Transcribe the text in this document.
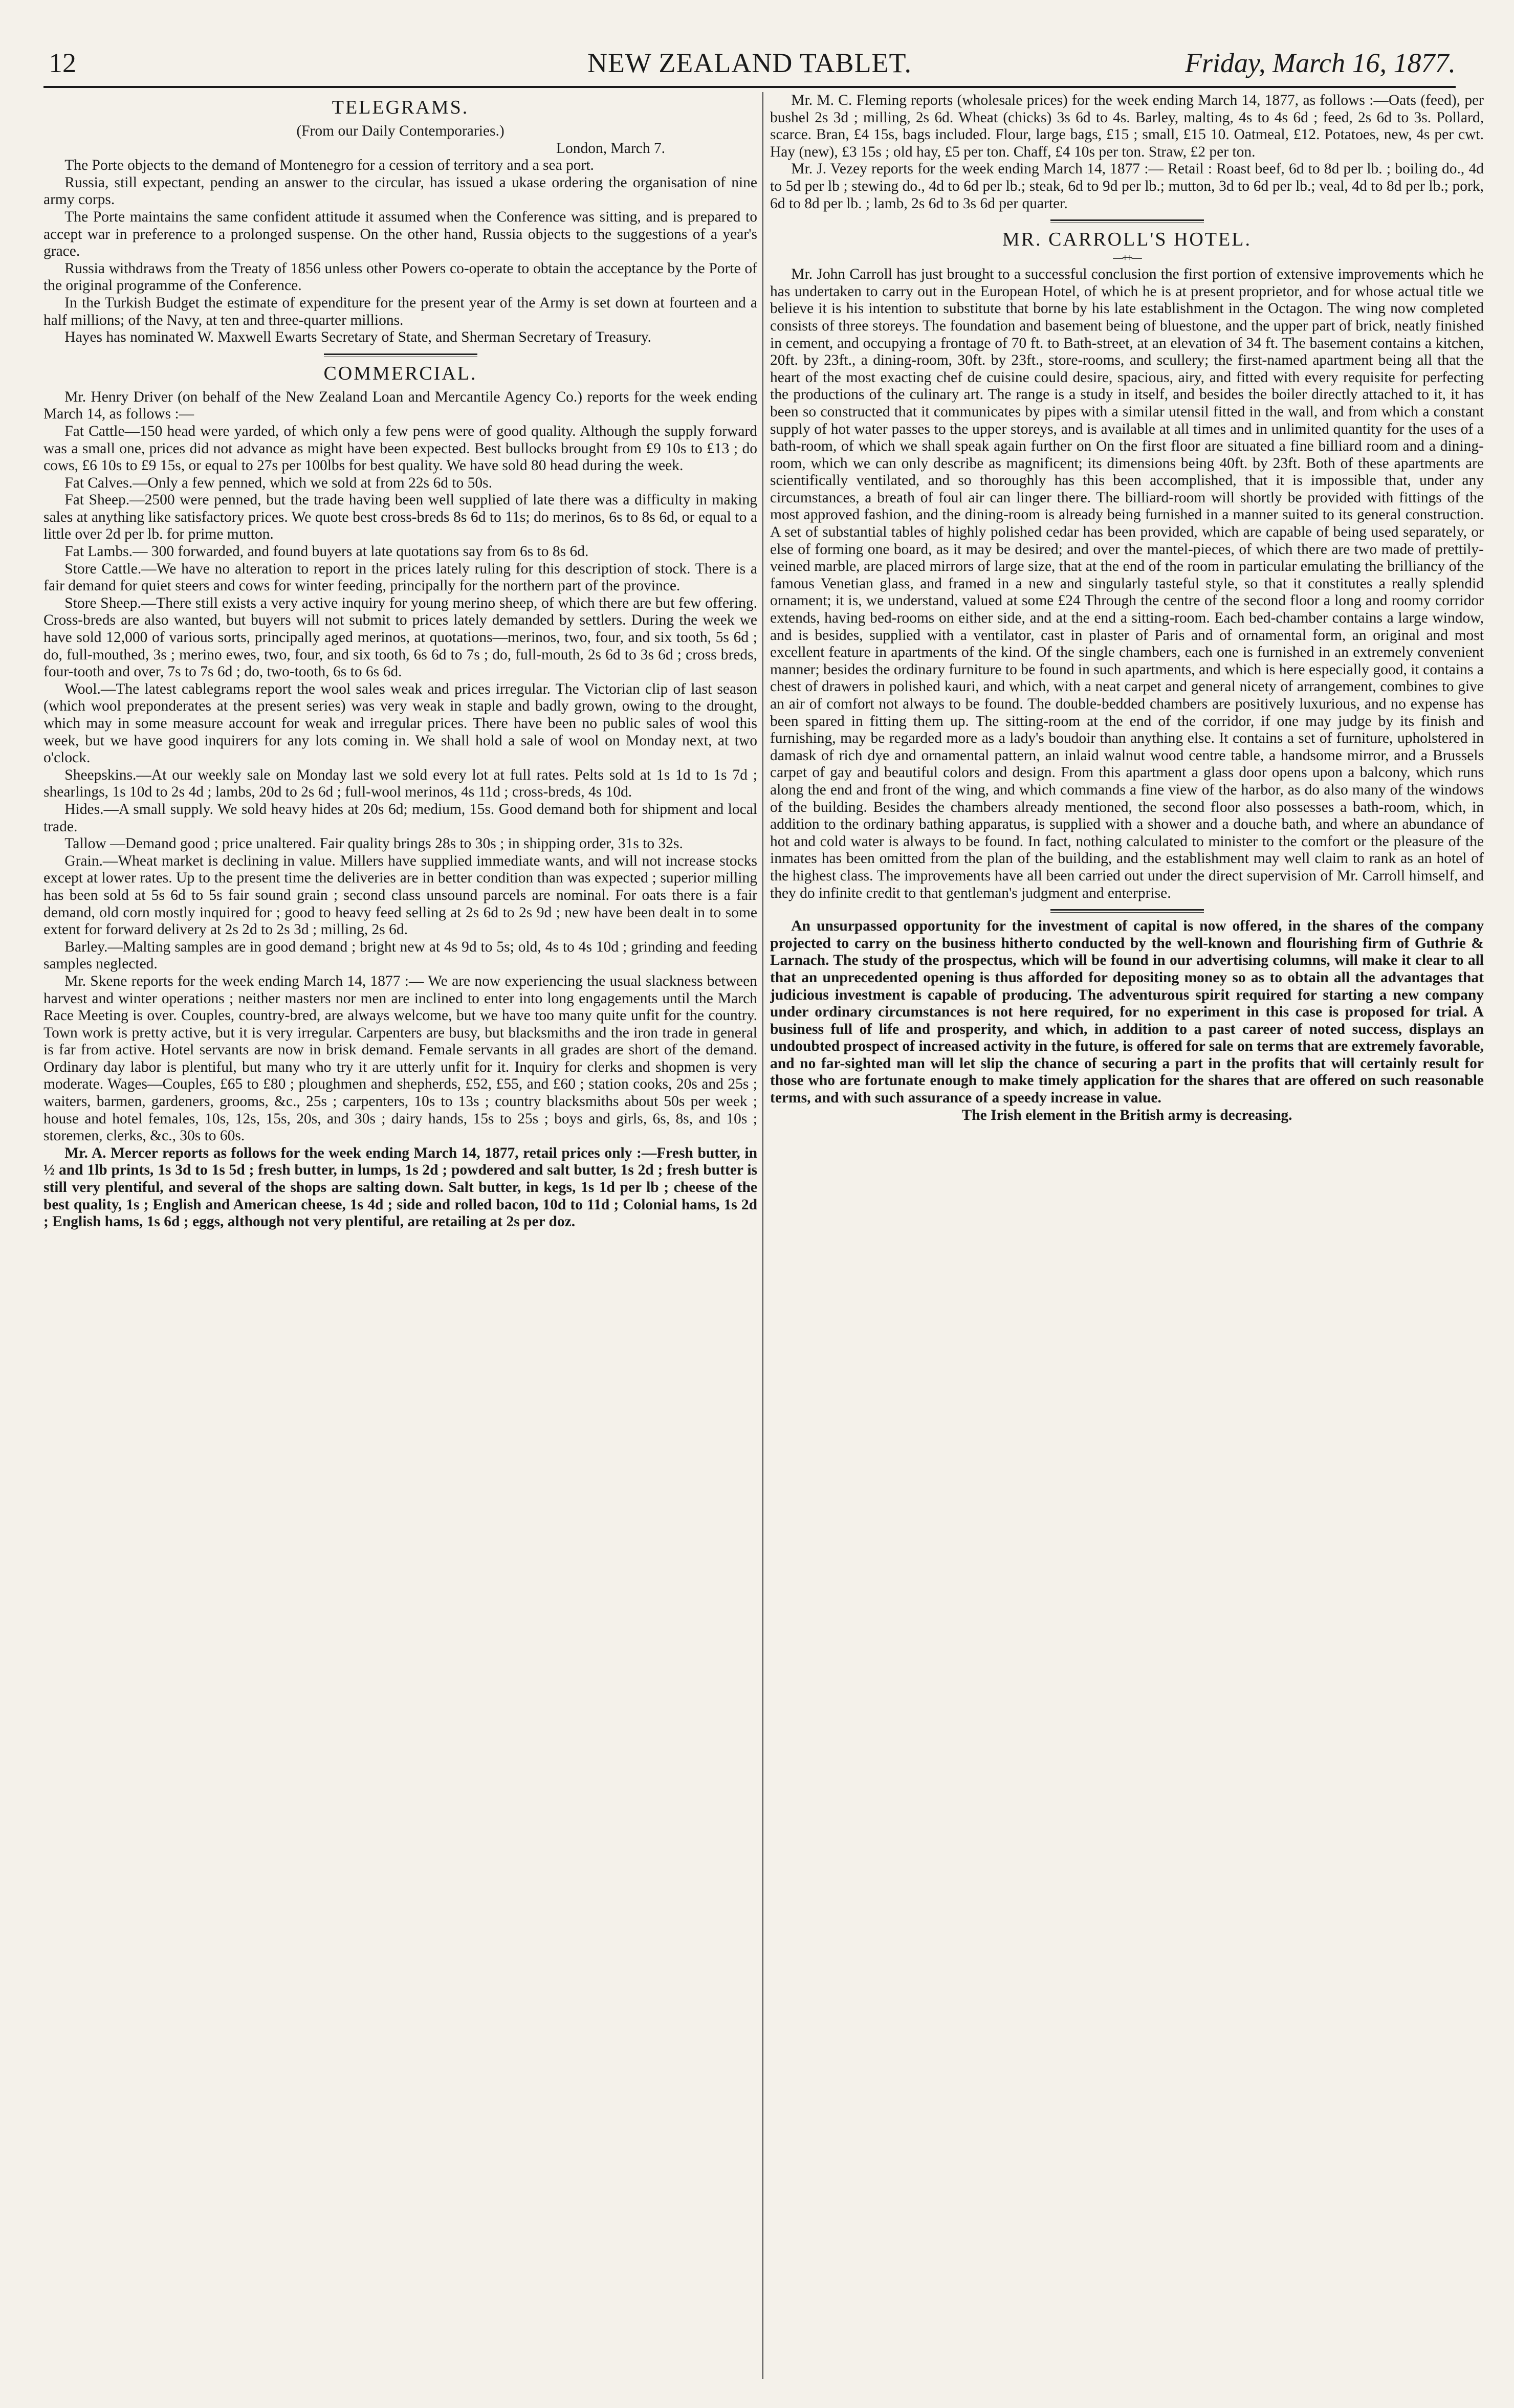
12	NEW ZEALAND TABLET.	Friday, March 16, 1877.
TELEGRAMS.

(From our Daily Contemporaries.)

London, March 7.

The Porte objects to the demand of Montenegro for a cession of territory and a sea port.

Russia, still expectant, pending an answer to the circular, has issued a ukase ordering the organisation of nine army corps.

The Porte maintains the same confident attitude it assumed when the Conference was sitting, and is prepared to accept war in preference to a prolonged suspense. On the other hand, Russia objects to the suggestions of a year's grace.

Russia withdraws from the Treaty of 1856 unless other Powers co-operate to obtain the acceptance by the Porte of the original programme of the Conference.

In the Turkish Budget the estimate of expenditure for the present year of the Army is set down at fourteen and a half millions; of the Navy, at ten and three-quarter millions.

Hayes has nominated W. Maxwell Ewarts Secretary of State, and Sherman Secretary of Treasury.

COMMERCIAL.

Mr. Henry Driver (on behalf of the New Zealand Loan and Mercantile Agency Co.) reports for the week ending March 14, as follows :—

Fat Cattle—150 head were yarded, of which only a few pens were of good quality. Although the supply forward was a small one, prices did not advance as might have been expected. Best bullocks brought from £9 10s to £13 ; do cows, £6 10s to £9 15s, or equal to 27s per 100lbs for best quality. We have sold 80 head during the week.

Fat Calves.—Only a few penned, which we sold at from 22s 6d to 50s.

Fat Sheep.—2500 were penned, but the trade having been well supplied of late there was a difficulty in making sales at anything like satisfactory prices. We quote best cross-breds 8s 6d to 11s; do merinos, 6s to 8s 6d, or equal to a little over 2d per lb. for prime mutton.

Fat Lambs.— 300 forwarded, and found buyers at late quotations say from 6s to 8s 6d.

Store Cattle.—We have no alteration to report in the prices lately ruling for this description of stock. There is a fair demand for quiet steers and cows for winter feeding, principally for the northern part of the province.

Store Sheep.—There still exists a very active inquiry for young merino sheep, of which there are but few offering. Cross-breds are also wanted, but buyers will not submit to prices lately demanded by settlers. During the week we have sold 12,000 of various sorts, principally aged merinos, at quotations—merinos, two, four, and six tooth, 5s 6d ; do, full-mouthed, 3s ; merino ewes, two, four, and six tooth, 6s 6d to 7s ; do, full-mouth, 2s 6d to 3s 6d ; cross breds, four-tooth and over, 7s to 7s 6d ; do, two-tooth, 6s to 6s 6d.

Wool.—The latest cablegrams report the wool sales weak and prices irregular. The Victorian clip of last season (which wool preponderates at the present series) was very weak in staple and badly grown, owing to the drought, which may in some measure account for weak and irregular prices. There have been no public sales of wool this week, but we have good inquirers for any lots coming in. We shall hold a sale of wool on Monday next, at two o'clock.

Sheepskins.—At our weekly sale on Monday last we sold every lot at full rates. Pelts sold at 1s 1d to 1s 7d ; shearlings, 1s 10d to 2s 4d ; lambs, 20d to 2s 6d ; full-wool merinos, 4s 11d ; cross-breds, 4s 10d.

Hides.—A small supply. We sold heavy hides at 20s 6d; medium, 15s. Good demand both for shipment and local trade.

Tallow —Demand good ; price unaltered. Fair quality brings 28s to 30s ; in shipping order, 31s to 32s.

Grain.—Wheat market is declining in value. Millers have supplied immediate wants, and will not increase stocks except at lower rates. Up to the present time the deliveries are in better condition than was expected ; superior milling has been sold at 5s 6d to 5s fair sound grain ; second class unsound parcels are nominal. For oats there is a fair demand, old corn mostly inquired for ; good to heavy feed selling at 2s 6d to 2s 9d ; new have been dealt in to some extent for forward delivery at 2s 2d to 2s 3d ; milling, 2s 6d.

Barley.—Malting samples are in good demand ; bright new at 4s 9d to 5s; old, 4s to 4s 10d ; grinding and feeding samples neglected.

Mr. Skene reports for the week ending March 14, 1877 :— We are now experiencing the usual slackness between harvest and winter operations ; neither masters nor men are inclined to enter into long engagements until the March Race Meeting is over. Couples, country-bred, are always welcome, but we have too many quite unfit for the country. Town work is pretty active, but it is very irregular. Carpenters are busy, but blacksmiths and the iron trade in general is far from active. Hotel servants are now in brisk demand. Female servants in all grades are short of the demand. Ordinary day labor is plentiful, but many who try it are utterly unfit for it. Inquiry for clerks and shopmen is very moderate. Wages—Couples, £65 to £80 ; ploughmen and shepherds, £52, £55, and £60 ; station cooks, 20s and 25s ; waiters, barmen, gardeners, grooms, &c., 25s ; carpenters, 10s to 13s ; country blacksmiths about 50s per week ; house and hotel females, 10s, 12s, 15s, 20s, and 30s ; dairy hands, 15s to 25s ; boys and girls, 6s, 8s, and 10s ; storemen, clerks, &c., 30s to 60s.

Mr. A. Mercer reports as follows for the week ending March 14, 1877, retail prices only :—Fresh butter, in ½ and 1lb prints, 1s 3d to 1s 5d ; fresh butter, in lumps, 1s 2d ; powdered and salt butter, 1s 2d ; fresh butter is still very plentiful, and several of the shops are salting down. Salt butter, in kegs, 1s 1d per lb ; cheese of the best quality, 1s ; English and American cheese, 1s 4d ; side and rolled bacon, 10d to 11d ; Colonial hams, 1s 2d ; English hams, 1s 6d ; eggs, although not very plentiful, are retailing at 2s per doz.

Mr. M. C. Fleming reports (wholesale prices) for the week ending March 14, 1877, as follows :—Oats (feed), per bushel 2s 3d ; milling, 2s 6d. Wheat (chicks) 3s 6d to 4s. Barley, malting, 4s to 4s 6d ; feed, 2s 6d to 3s. Pollard, scarce. Bran, £4 15s, bags included. Flour, large bags, £15 ; small, £15 10. Oatmeal, £12. Potatoes, new, 4s per cwt. Hay (new), £3 15s ; old hay, £5 per ton. Chaff, £4 10s per ton. Straw, £2 per ton.

Mr. J. Vezey reports for the week ending March 14, 1877 :— Retail : Roast beef, 6d to 8d per lb. ; boiling do., 4d to 5d per lb ; stewing do., 4d to 6d per lb.; steak, 6d to 9d per lb.; mutton, 3d to 6d per lb.; veal, 4d to 8d per lb.; pork, 6d to 8d per lb. ; lamb, 2s 6d to 3s 6d per quarter.

MR. CARROLL'S HOTEL.
—++—

Mr. John Carroll has just brought to a successful conclusion the first portion of extensive improvements which he has undertaken to carry out in the European Hotel, of which he is at present proprietor, and for whose actual title we believe it is his intention to substitute that borne by his late establishment in the Octagon. The wing now completed consists of three storeys. The foundation and basement being of bluestone, and the upper part of brick, neatly finished in cement, and occupying a frontage of 70 ft. to Bath-street, at an elevation of 34 ft. The basement contains a kitchen, 20ft. by 23ft., a dining-room, 30ft. by 23ft., store-rooms, and scullery; the first-named apartment being all that the heart of the most exacting chef de cuisine could desire, spacious, airy, and fitted with every requisite for perfecting the productions of the culinary art. The range is a study in itself, and besides the boiler directly attached to it, it has been so constructed that it communicates by pipes with a similar utensil fitted in the wall, and from which a constant supply of hot water passes to the upper storeys, and is available at all times and in unlimited quantity for the uses of a bath-room, of which we shall speak again further on On the first floor are situated a fine billiard room and a dining-room, which we can only describe as magnificent; its dimensions being 40ft. by 23ft. Both of these apartments are scientifically ventilated, and so thoroughly has this been accomplished, that it is impossible that, under any circumstances, a breath of foul air can linger there. The billiard-room will shortly be provided with fittings of the most approved fashion, and the dining-room is already being furnished in a manner suited to its general construction. A set of substantial tables of highly polished cedar has been provided, which are capable of being used separately, or else of forming one board, as it may be desired; and over the mantel-pieces, of which there are two made of prettily-veined marble, are placed mirrors of large size, that at the end of the room in particular emulating the brilliancy of the famous Venetian glass, and framed in a new and singularly tasteful style, so that it constitutes a really splendid ornament; it is, we understand, valued at some £24 Through the centre of the second floor a long and roomy corridor extends, having bed-rooms on either side, and at the end a sitting-room. Each bed-chamber contains a large window, and is besides, supplied with a ventilator, cast in plaster of Paris and of ornamental form, an original and most excellent feature in apartments of the kind. Of the single chambers, each one is furnished in an extremely convenient manner; besides the ordinary furniture to be found in such apartments, and which is here especially good, it contains a chest of drawers in polished kauri, and which, with a neat carpet and general nicety of arrangement, combines to give an air of comfort not always to be found. The double-bedded chambers are positively luxurious, and no expense has been spared in fitting them up. The sitting-room at the end of the corridor, if one may judge by its finish and furnishing, may be regarded more as a lady's boudoir than anything else. It contains a set of furniture, upholstered in damask of rich dye and ornamental pattern, an inlaid walnut wood centre table, a handsome mirror, and a Brussels carpet of gay and beautiful colors and design. From this apartment a glass door opens upon a balcony, which runs along the end and front of the wing, and which commands a fine view of the harbor, as do also many of the windows of the building. Besides the chambers already mentioned, the second floor also possesses a bath-room, which, in addition to the ordinary bathing apparatus, is supplied with a shower and a douche bath, and where an abundance of hot and cold water is always to be found. In fact, nothing calculated to minister to the comfort or the pleasure of the inmates has been omitted from the plan of the building, and the establishment may well claim to rank as an hotel of the highest class. The improvements have all been carried out under the direct supervision of Mr. Carroll himself, and they do infinite credit to that gentleman's judgment and enterprise.

An unsurpassed opportunity for the investment of capital is now offered, in the shares of the company projected to carry on the business hitherto conducted by the well-known and flourishing firm of Guthrie & Larnach. The study of the prospectus, which will be found in our advertising columns, will make it clear to all that an unprecedented opening is thus afforded for depositing money so as to obtain all the advantages that judicious investment is capable of producing. The adventurous spirit required for starting a new company under ordinary circumstances is not here required, for no experiment in this case is proposed for trial. A business full of life and prosperity, and which, in addition to a past career of noted success, displays an undoubted prospect of increased activity in the future, is offered for sale on terms that are extremely favorable, and no far-sighted man will let slip the chance of securing a part in the profits that will certainly result for those who are fortunate enough to make timely application for the shares that are offered on such reasonable terms, and with such assurance of a speedy increase in value.

The Irish element in the British army is decreasing.
